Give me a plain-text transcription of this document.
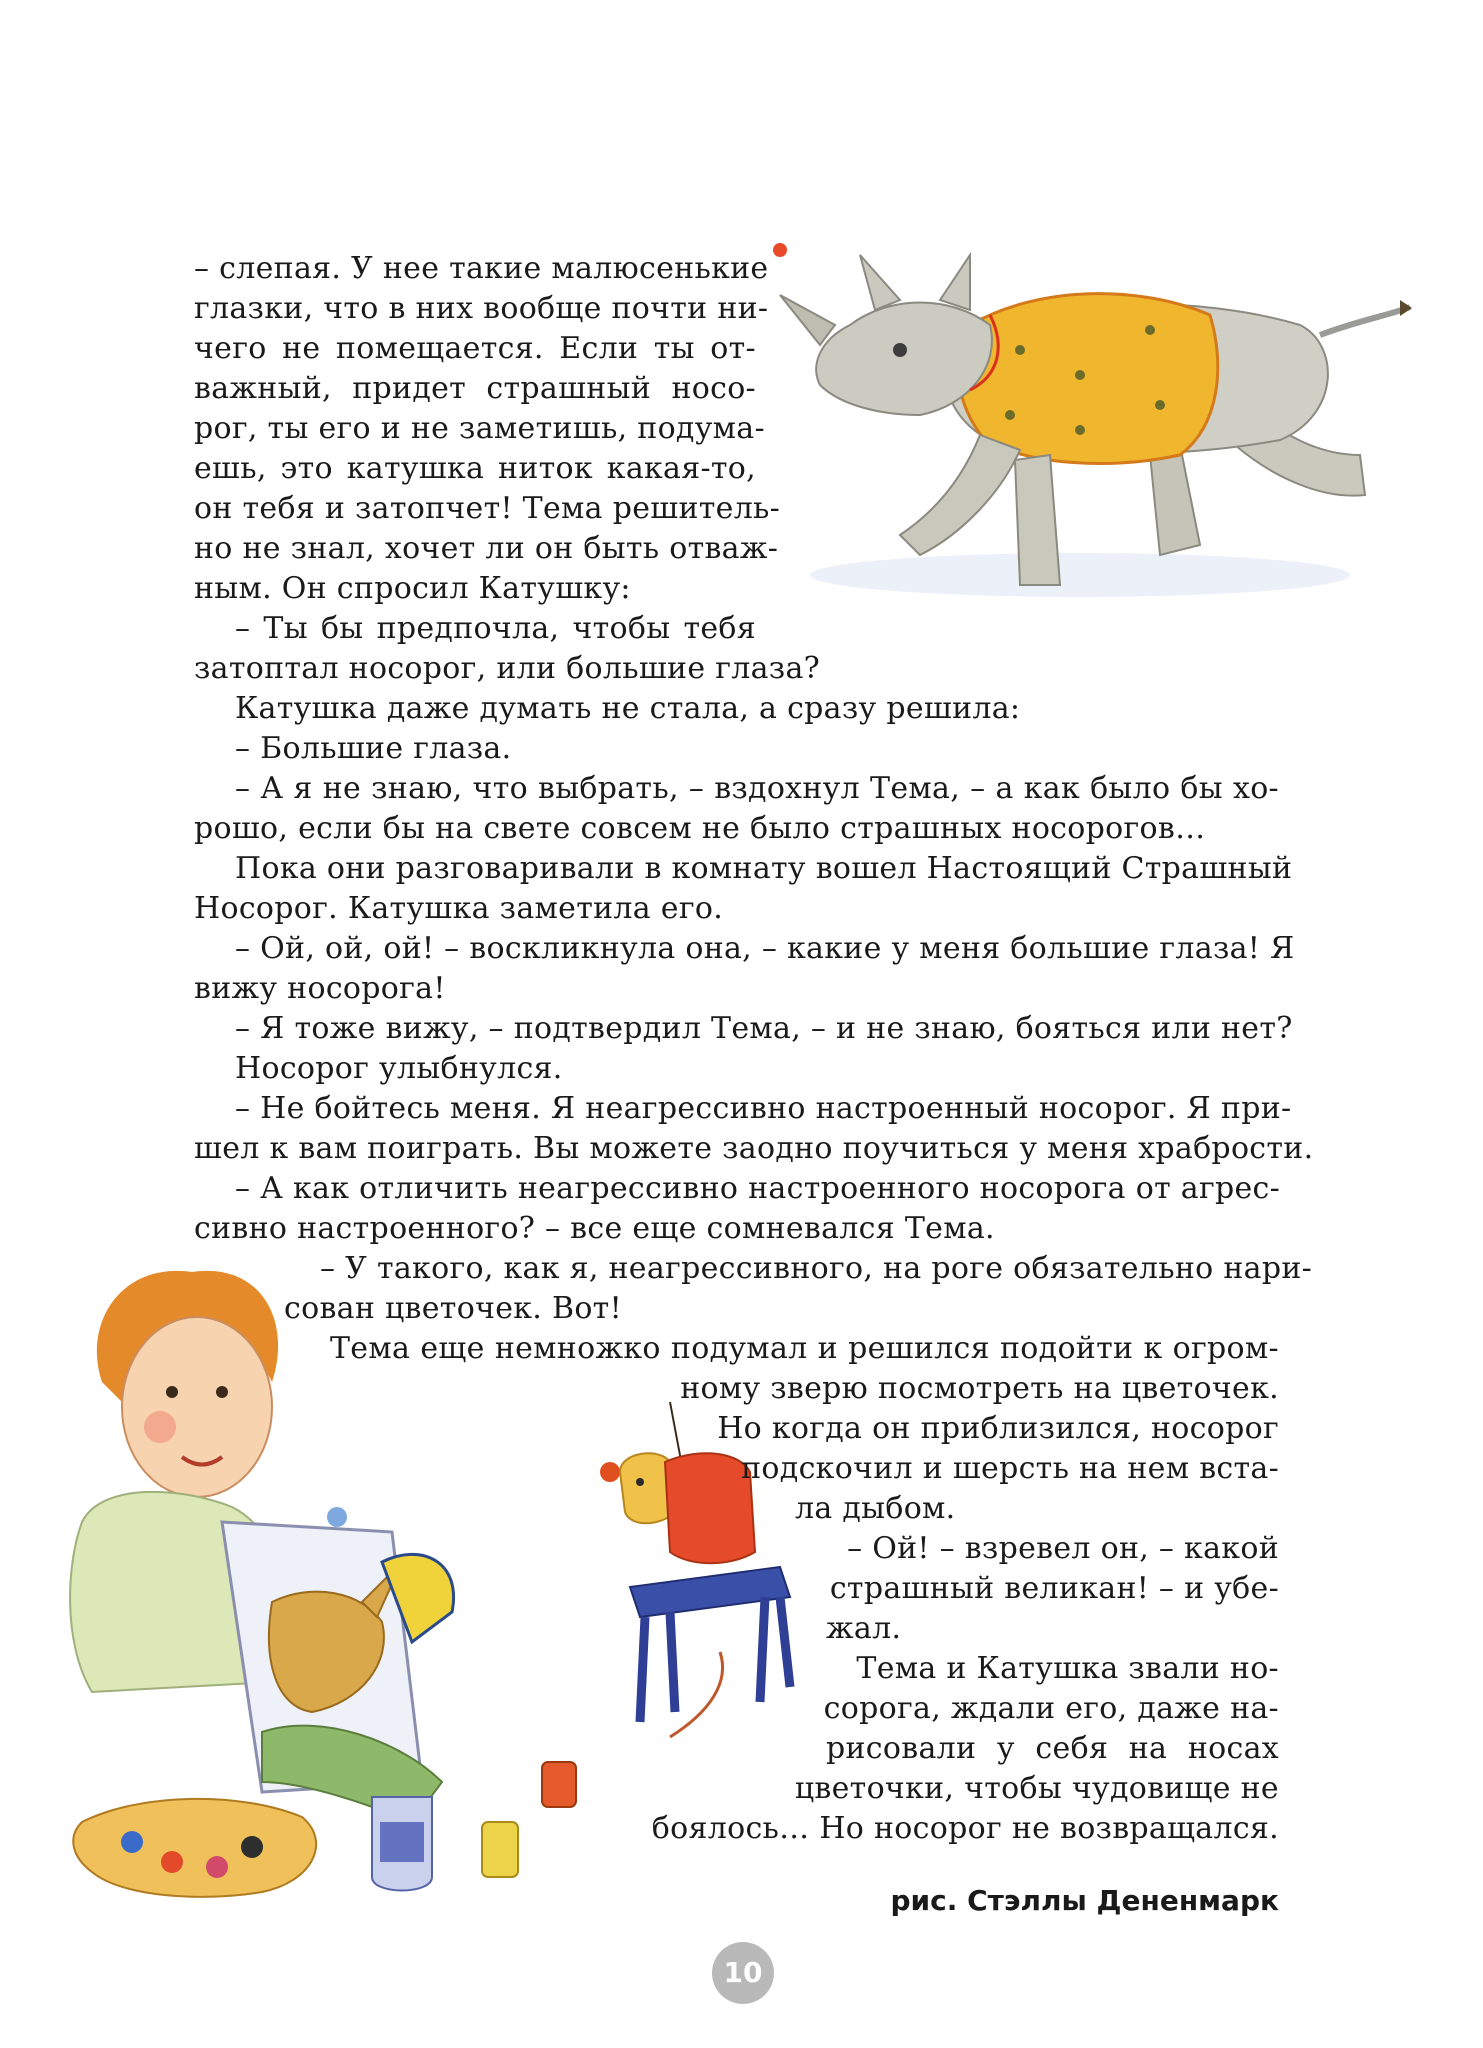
– слепая. У нее такие малюсенькие
глазки, что в них вообще почти ни-
чего не помещается. Если ты от-
важный, придет страшный носо-
рог, ты его и не заметишь, подума-
ешь, это катушка ниток какая-то,
он тебя и затопчет! Тема решитель-
но не знал, хочет ли он быть отваж-
ным. Он спросил Катушку:
– Ты бы предпочла, чтобы тебя
затоптал носорог, или большие глаза?
Катушка даже думать не стала, а сразу решила:
– Большие глаза.
– А я не знаю, что выбрать, – вздохнул Тема, – а как было бы хо-
рошо, если бы на свете совсем не было страшных носорогов…
Пока они разговаривали в комнату вошел Настоящий Страшный
Носорог. Катушка заметила его.
– Ой, ой, ой! – воскликнула она, – какие у меня большие глаза! Я
вижу носорога!
– Я тоже вижу, – подтвердил Тема, – и не знаю, бояться или нет?
Носорог улыбнулся.
– Не бойтесь меня. Я неагрессивно настроенный носорог. Я при-
шел к вам поиграть. Вы можете заодно поучиться у меня храбрости.
– А как отличить неагрессивно настроенного носорога от агрес-
сивно настроенного? – все еще сомневался Тема.
– У такого, как я, неагрессивного, на роге обязательно нари-
сован цветочек. Вот!
Тема еще немножко подумал и решился подойти к огром-
ному зверю посмотреть на цветочек.
Но когда он приблизился, носорог
подскочил и шерсть на нем вста-
ла дыбом.
– Ой! – взревел он, – какой
страшный великан! – и убе-
жал.
Тема и Катушка звали но-
сорога, ждали его, даже на-
рисовали у себя на носах
цветочки, чтобы чудовище не
боялось… Но носорог не возвращался.
рис. Стэллы Дененмарк
10
